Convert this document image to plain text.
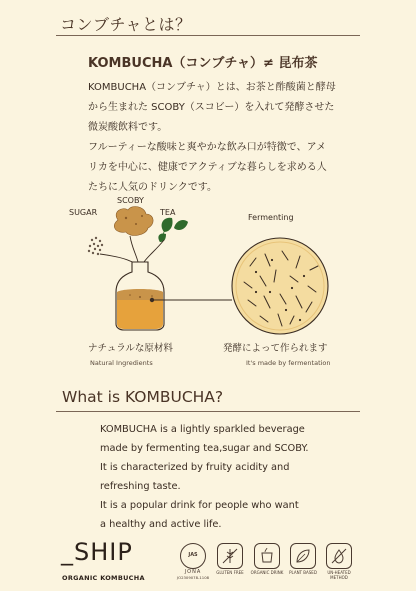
コンブチャとは？
KOMBUCHA（コンブチャ）≠ 昆布茶
KOMBUCHA（コンブチャ）とは、お茶と酢酸菌と酵母
から生まれた SCOBY（スコビー）を入れて発酵させた
微炭酸飲料です。
フルーティーな酸味と爽やかな飲み口が特徴で、アメ
リカを中心に、健康でアクティブな暮らしを求める人
たちに人気のドリンクです。
SCOBY
SUGAR	TEA
Fermenting
ナチュラルな原材料
Natural Ingredients
発酵によって作られます
It's made by fermentation
What is KOMBUCHA?
KOMBUCHA is a lightly sparkled beverage
made by fermenting tea,sugar and SCOBY.
It is characterized by fruity acidity and
refreshing taste.
It is a popular drink for people who want
a healthy and active life.
_SHIP
ORGANIC KOMBUCHA
JAS
JONA
JO2309078-1108
GLUTEN FREE	ORGANIC DRINK	PLANT BASED	UN-HEATED METHOD
